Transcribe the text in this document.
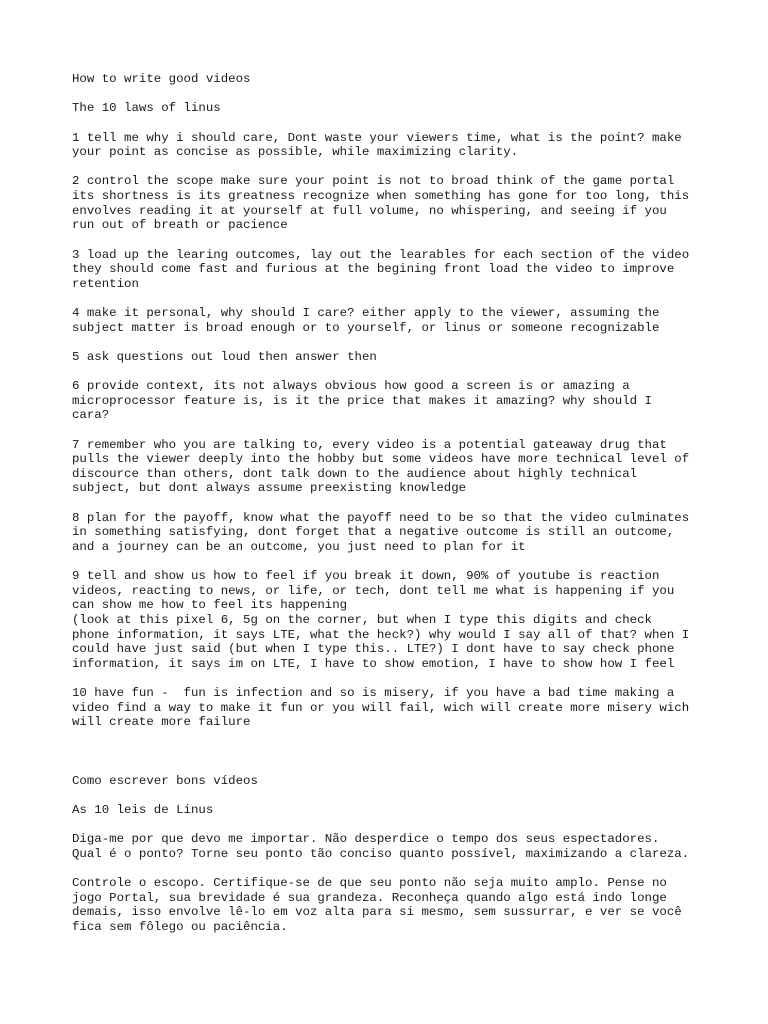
How to write good videos

The 10 laws of linus

1 tell me why i should care, Dont waste your viewers time, what is the point? make
your point as concise as possible, while maximizing clarity.

2 control the scope make sure your point is not to broad think of the game portal
its shortness is its greatness recognize when something has gone for too long, this
envolves reading it at yourself at full volume, no whispering, and seeing if you
run out of breath or pacience

3 load up the learing outcomes, lay out the learables for each section of the video
they should come fast and furious at the begining front load the video to improve
retention

4 make it personal, why should I care? either apply to the viewer, assuming the
subject matter is broad enough or to yourself, or linus or someone recognizable

5 ask questions out loud then answer then

6 provide context, its not always obvious how good a screen is or amazing a
microprocessor feature is, is it the price that makes it amazing? why should I
cara?

7 remember who you are talking to, every video is a potential gateaway drug that
pulls the viewer deeply into the hobby but some videos have more technical level of
discource than others, dont talk down to the audience about highly technical
subject, but dont always assume preexisting knowledge

8 plan for the payoff, know what the payoff need to be so that the video culminates
in something satisfying, dont forget that a negative outcome is still an outcome,
and a journey can be an outcome, you just need to plan for it

9 tell and show us how to feel if you break it down, 90% of youtube is reaction
videos, reacting to news, or life, or tech, dont tell me what is happening if you
can show me how to feel its happening
(look at this pixel 6, 5g on the corner, but when I type this digits and check
phone information, it says LTE, what the heck?) why would I say all of that? when I
could have just said (but when I type this.. LTE?) I dont have to say check phone
information, it says im on LTE, I have to show emotion, I have to show how I feel

10 have fun -  fun is infection and so is misery, if you have a bad time making a
video find a way to make it fun or you will fail, wich will create more misery wich
will create more failure

Como escrever bons vídeos

As 10 leis de Linus

Diga-me por que devo me importar. Não desperdice o tempo dos seus espectadores.
Qual é o ponto? Torne seu ponto tão conciso quanto possível, maximizando a clareza.

Controle o escopo. Certifique-se de que seu ponto não seja muito amplo. Pense no
jogo Portal, sua brevidade é sua grandeza. Reconheça quando algo está indo longe
demais, isso envolve lê-lo em voz alta para si mesmo, sem sussurrar, e ver se você
fica sem fôlego ou paciência.
